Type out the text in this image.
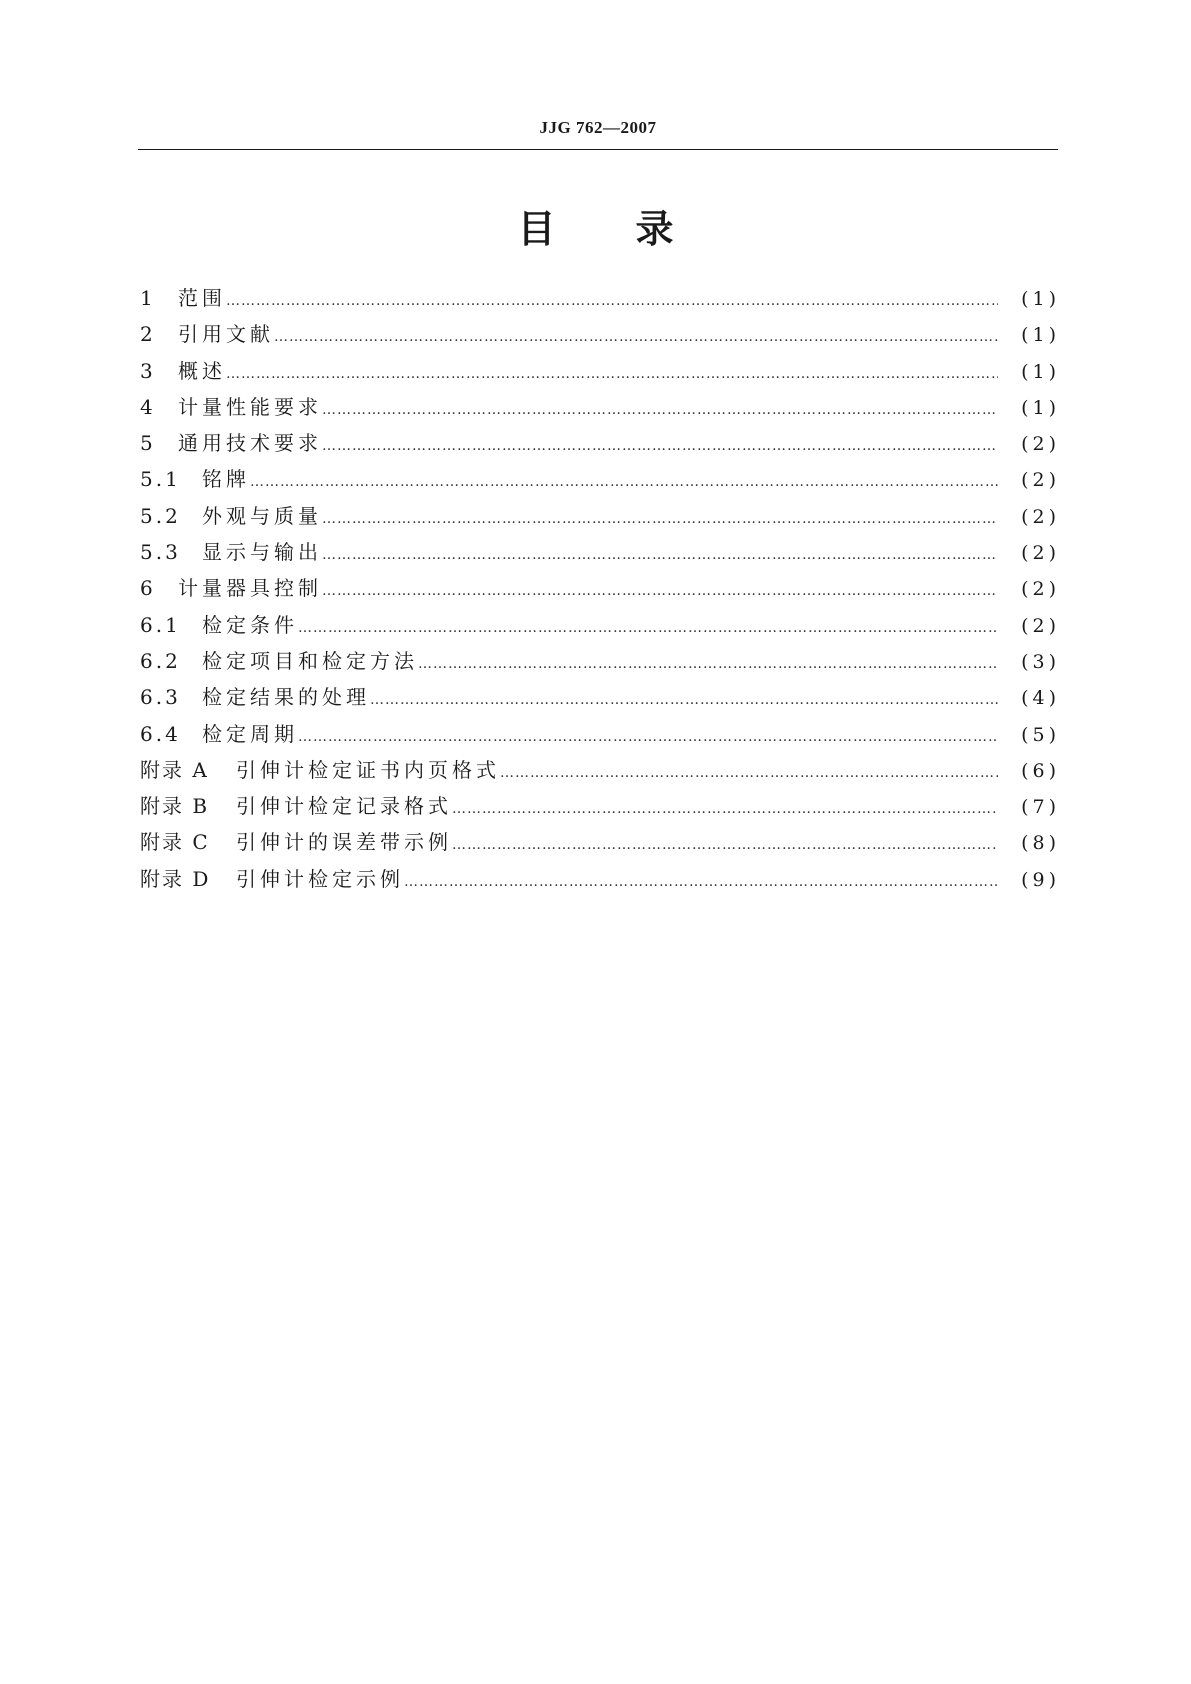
JJG 762—2007
目 录
1	范围 …………………………………………………………………………………………………………………………………………………………………………………………………………………………………………	(1)
2	引用文献 …………………………………………………………………………………………………………………………………………………………………………………………………………………………………………	(1)
3	概述 …………………………………………………………………………………………………………………………………………………………………………………………………………………………………………	(1)
4	计量性能要求 …………………………………………………………………………………………………………………………………………………………………………………………………………………………………………	(1)
5	通用技术要求 …………………………………………………………………………………………………………………………………………………………………………………………………………………………………………	(2)
5.1	铭牌 …………………………………………………………………………………………………………………………………………………………………………………………………………………………………………	(2)
5.2	外观与质量 …………………………………………………………………………………………………………………………………………………………………………………………………………………………………………	(2)
5.3	显示与输出 …………………………………………………………………………………………………………………………………………………………………………………………………………………………………………	(2)
6	计量器具控制 …………………………………………………………………………………………………………………………………………………………………………………………………………………………………………	(2)
6.1	检定条件 …………………………………………………………………………………………………………………………………………………………………………………………………………………………………………	(2)
6.2	检定项目和检定方法 …………………………………………………………………………………………………………………………………………………………………………………………………………………………………………	(3)
6.3	检定结果的处理 …………………………………………………………………………………………………………………………………………………………………………………………………………………………………………	(4)
6.4	检定周期 …………………………………………………………………………………………………………………………………………………………………………………………………………………………………………	(5)
附录 A	引伸计检定证书内页格式 …………………………………………………………………………………………………………………………………………………………………………………………………………………………………………	(6)
附录 B	引伸计检定记录格式 …………………………………………………………………………………………………………………………………………………………………………………………………………………………………………	(7)
附录 C	引伸计的误差带示例 …………………………………………………………………………………………………………………………………………………………………………………………………………………………………………	(8)
附录 D	引伸计检定示例 …………………………………………………………………………………………………………………………………………………………………………………………………………………………………………	(9)
